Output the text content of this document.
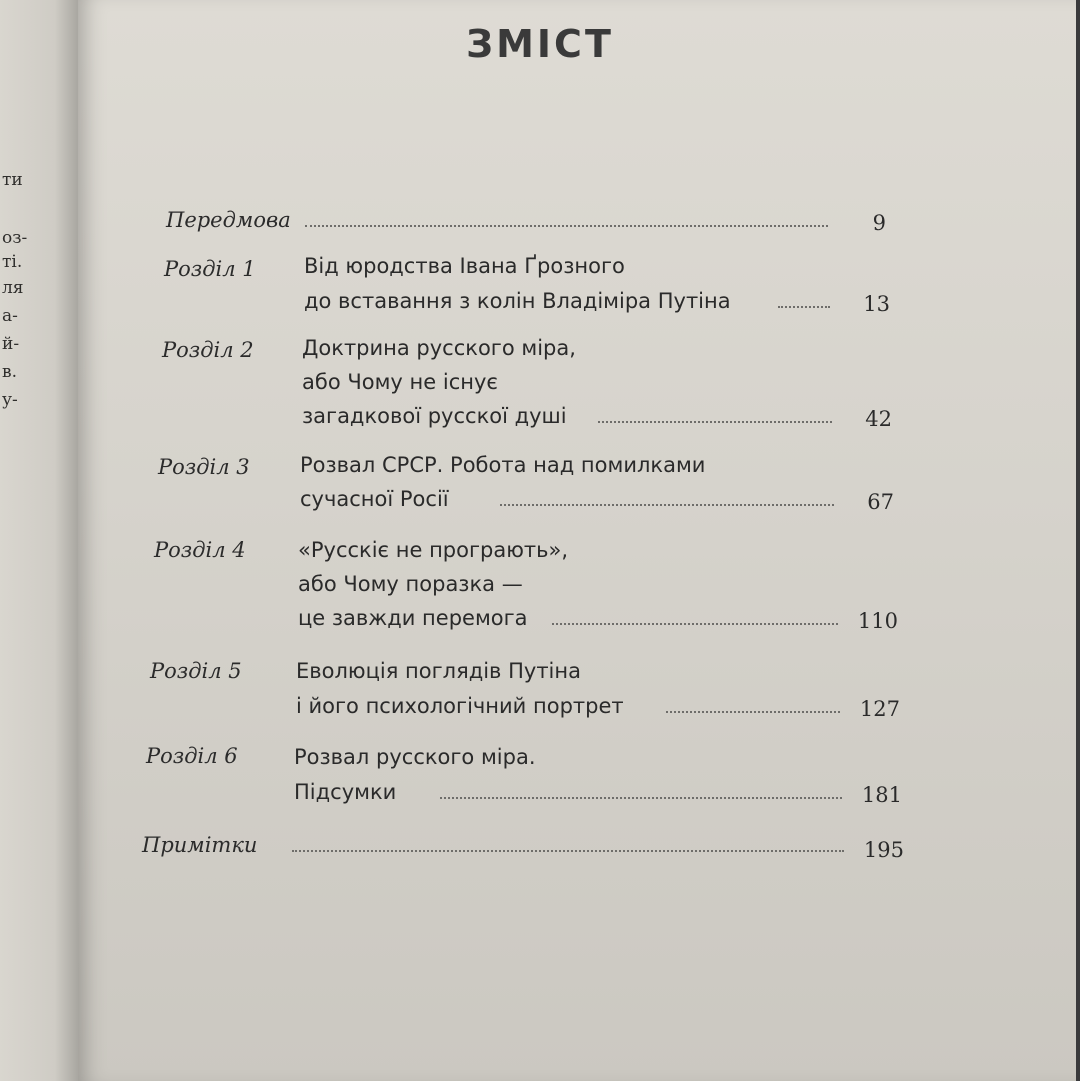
ти
оз-
ті.
ля
а-
й-
в.
у-
ЗМІСТ
Передмова	9
Розділ 1 Від юродства Івана Ґрозного
до вставання з колін Владіміра Путіна	13
Розділ 2 Доктрина русского міра,
або Чому не існує
загадкової русскої душі	42
Розділ 3 Розвал СРСР. Робота над помилками
сучасної Росії	67
Розділ 4 «Русскіє не програють»,
або Чому поразка —
це завжди перемога	110
Розділ 5	Еволюція поглядів Путіна
і його психологічний портрет	127
Розділ 6	Розвал русского міра.
Підсумки	181
Примітки	195
